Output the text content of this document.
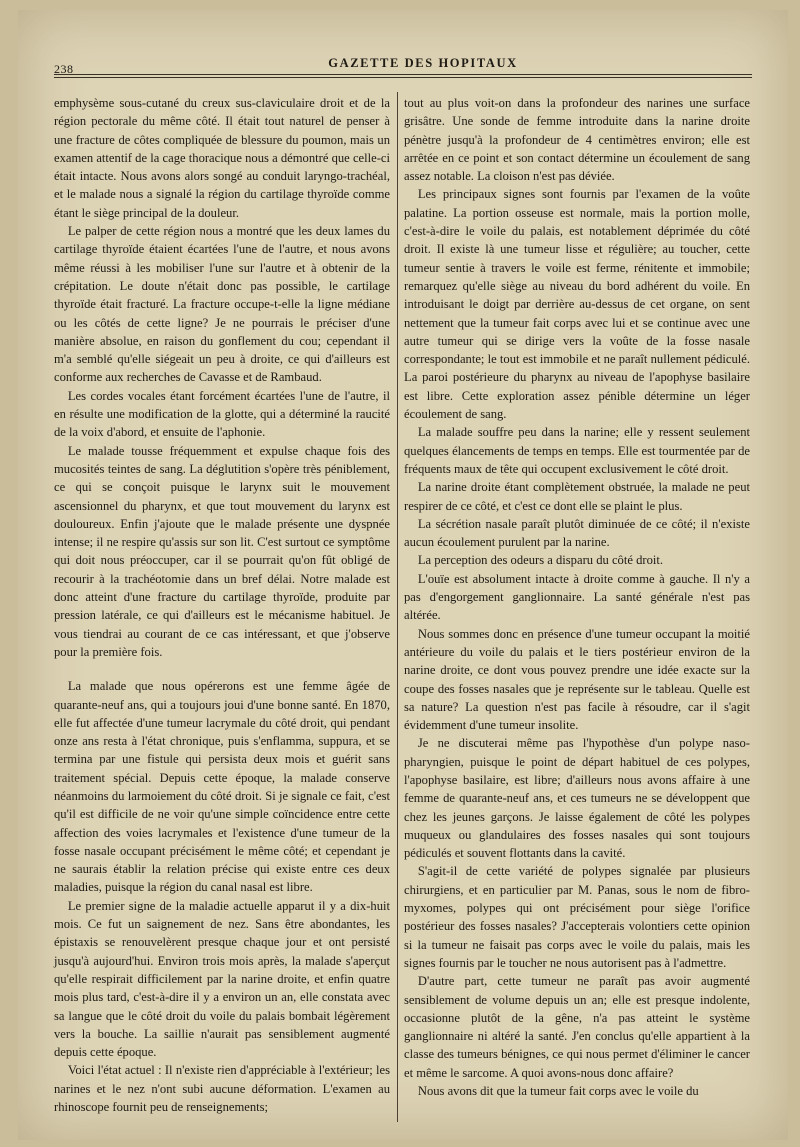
238	GAZETTE DES HOPITAUX

emphysème sous-cutané du creux sus-claviculaire droit et de la région pectorale du même côté. Il était tout naturel de penser à une fracture de côtes compliquée de blessure du poumon, mais un examen attentif de la cage thoracique nous a démontré que celle-ci était intacte. Nous avons alors songé au conduit laryngo-trachéal, et le malade nous a signalé la région du cartilage thyroïde comme étant le siège principal de la douleur.

Le palper de cette région nous a montré que les deux lames du cartilage thyroïde étaient écartées l'une de l'autre, et nous avons même réussi à les mobiliser l'une sur l'autre et à obtenir de la crépitation. Le doute n'était donc pas possible, le cartilage thyroïde était fracturé. La fracture occupe-t-elle la ligne médiane ou les côtés de cette ligne? Je ne pourrais le préciser d'une manière absolue, en raison du gonflement du cou; cependant il m'a semblé qu'elle siégeait un peu à droite, ce qui d'ailleurs est conforme aux recherches de Cavasse et de Rambaud.

Les cordes vocales étant forcément écartées l'une de l'autre, il en résulte une modification de la glotte, qui a déterminé la raucité de la voix d'abord, et ensuite de l'aphonie.

Le malade tousse fréquemment et expulse chaque fois des mucosités teintes de sang. La déglutition s'opère très péniblement, ce qui se conçoit puisque le larynx suit le mouvement ascensionnel du pharynx, et que tout mouvement du larynx est douloureux. Enfin j'ajoute que le malade présente une dyspnée intense; il ne respire qu'assis sur son lit. C'est surtout ce symptôme qui doit nous préoccuper, car il se pourrait qu'on fût obligé de recourir à la trachéotomie dans un bref délai. Notre malade est donc atteint d'une fracture du cartilage thyroïde, produite par pression latérale, ce qui d'ailleurs est le mécanisme habituel. Je vous tiendrai au courant de ce cas intéressant, et que j'observe pour la première fois.

La malade que nous opérerons est une femme âgée de quarante-neuf ans, qui a toujours joui d'une bonne santé. En 1870, elle fut affectée d'une tumeur lacrymale du côté droit, qui pendant onze ans resta à l'état chronique, puis s'enflamma, suppura, et se termina par une fistule qui persista deux mois et guérit sans traitement spécial. Depuis cette époque, la malade conserve néanmoins du larmoiement du côté droit. Si je signale ce fait, c'est qu'il est difficile de ne voir qu'une simple coïncidence entre cette affection des voies lacrymales et l'existence d'une tumeur de la fosse nasale occupant précisément le même côté; et cependant je ne saurais établir la relation précise qui existe entre ces deux maladies, puisque la région du canal nasal est libre.

Le premier signe de la maladie actuelle apparut il y a dix-huit mois. Ce fut un saignement de nez. Sans être abondantes, les épistaxis se renouvelèrent presque chaque jour et ont persisté jusqu'à aujourd'hui. Environ trois mois après, la malade s'aperçut qu'elle respirait difficilement par la narine droite, et enfin quatre mois plus tard, c'est-à-dire il y a environ un an, elle constata avec sa langue que le côté droit du voile du palais bombait légèrement vers la bouche. La saillie n'aurait pas sensiblement augmenté depuis cette époque.

Voici l'état actuel : Il n'existe rien d'appréciable à l'extérieur; les narines et le nez n'ont subi aucune déformation. L'examen au rhinoscope fournit peu de renseignements;

tout au plus voit-on dans la profondeur des narines une surface grisâtre. Une sonde de femme introduite dans la narine droite pénètre jusqu'à la profondeur de 4 centimètres environ; elle est arrêtée en ce point et son contact détermine un écoulement de sang assez notable. La cloison n'est pas déviée.

Les principaux signes sont fournis par l'examen de la voûte palatine. La portion osseuse est normale, mais la portion molle, c'est-à-dire le voile du palais, est notablement déprimée du côté droit. Il existe là une tumeur lisse et régulière; au toucher, cette tumeur sentie à travers le voile est ferme, rénitente et immobile; remarquez qu'elle siège au niveau du bord adhérent du voile. En introduisant le doigt par derrière au-dessus de cet organe, on sent nettement que la tumeur fait corps avec lui et se continue avec une autre tumeur qui se dirige vers la voûte de la fosse nasale correspondante; le tout est immobile et ne paraît nullement pédiculé. La paroi postérieure du pharynx au niveau de l'apophyse basilaire est libre. Cette exploration assez pénible détermine un léger écoulement de sang.

La malade souffre peu dans la narine; elle y ressent seulement quelques élancements de temps en temps. Elle est tourmentée par de fréquents maux de tête qui occupent exclusivement le côté droit.

La narine droite étant complètement obstruée, la malade ne peut respirer de ce côté, et c'est ce dont elle se plaint le plus.

La sécrétion nasale paraît plutôt diminuée de ce côté; il n'existe aucun écoulement purulent par la narine.

La perception des odeurs a disparu du côté droit.

L'ouïe est absolument intacte à droite comme à gauche. Il n'y a pas d'engorgement ganglionnaire. La santé générale n'est pas altérée.

Nous sommes donc en présence d'une tumeur occupant la moitié antérieure du voile du palais et le tiers postérieur environ de la narine droite, ce dont vous pouvez prendre une idée exacte sur la coupe des fosses nasales que je représente sur le tableau. Quelle est sa nature? La question n'est pas facile à résoudre, car il s'agit évidemment d'une tumeur insolite.

Je ne discuterai même pas l'hypothèse d'un polype naso-pharyngien, puisque le point de départ habituel de ces polypes, l'apophyse basilaire, est libre; d'ailleurs nous avons affaire à une femme de quarante-neuf ans, et ces tumeurs ne se développent que chez les jeunes garçons. Je laisse également de côté les polypes muqueux ou glandulaires des fosses nasales qui sont toujours pédiculés et souvent flottants dans la cavité.

S'agit-il de cette variété de polypes signalée par plusieurs chirurgiens, et en particulier par M. Panas, sous le nom de fibro-myxomes, polypes qui ont précisément pour siège l'orifice postérieur des fosses nasales? J'accepterais volontiers cette opinion si la tumeur ne faisait pas corps avec le voile du palais, mais les signes fournis par le toucher ne nous autorisent pas à l'admettre.

D'autre part, cette tumeur ne paraît pas avoir augmenté sensiblement de volume depuis un an; elle est presque indolente, occasionne plutôt de la gêne, n'a pas atteint le système ganglionnaire ni altéré la santé. J'en conclus qu'elle appartient à la classe des tumeurs bénignes, ce qui nous permet d'éliminer le cancer et même le sarcome. A quoi avons-nous donc affaire?

Nous avons dit que la tumeur fait corps avec le voile du
